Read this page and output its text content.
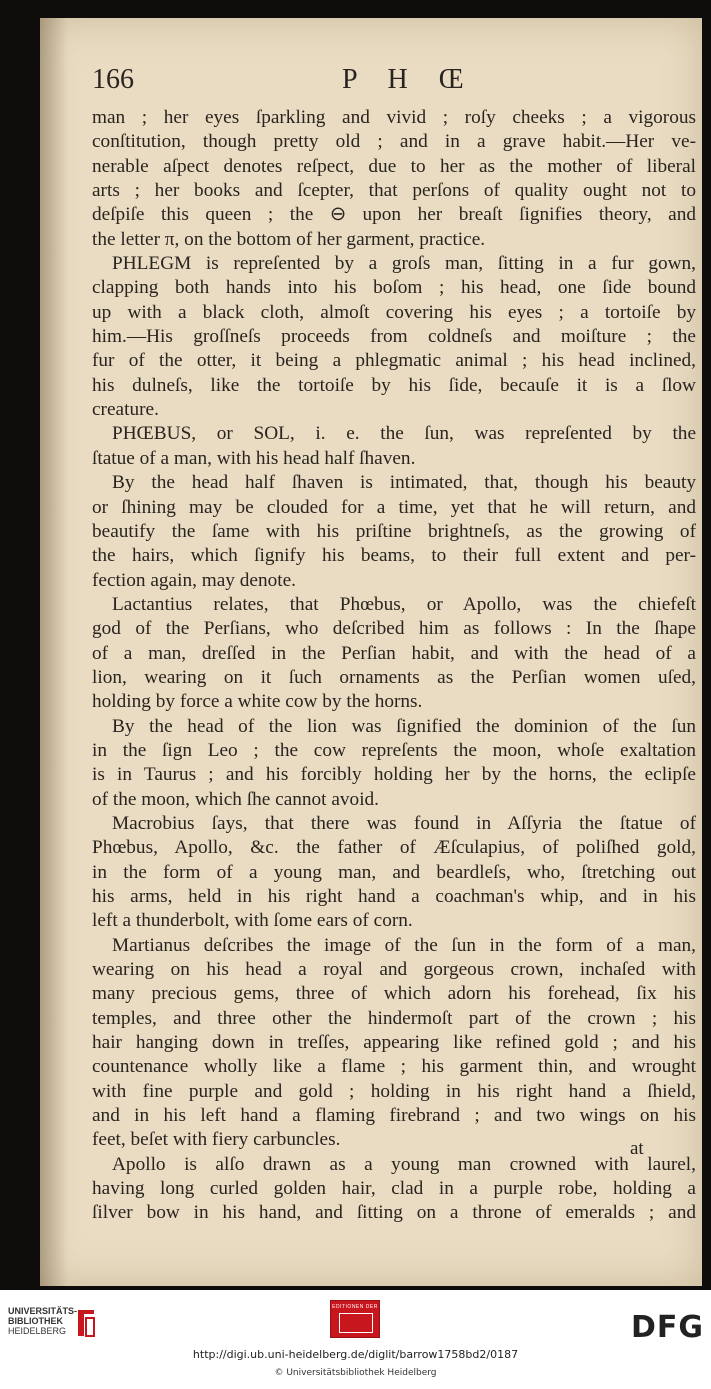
166	P H Œ
man ; her eyes ſparkling and vivid ; roſy cheeks ; a vigorous
conſtitution, though pretty old ; and in a grave habit.—Her ve-
nerable aſpect denotes reſpect, due to her as the mother of liberal
arts ; her books and ſcepter, that perſons of quality ought not to
deſpiſe this queen ; the ⊖ upon her breaſt ſignifies theory, and
the letter π, on the bottom of her garment, practice.
PHLEGM is repreſented by a groſs man, ſitting in a fur gown,
clapping both hands into his boſom ; his head, one ſide bound
up with a black cloth, almoſt covering his eyes ; a tortoiſe by
him.—His groſſneſs proceeds from coldneſs and moiſture ; the
fur of the otter, it being a phlegmatic animal ; his head inclined,
his dulneſs, like the tortoiſe by his ſide, becauſe it is a ſlow
creature.
PHŒBUS, or SOL, i. e. the ſun, was repreſented by the
ſtatue of a man, with his head half ſhaven.
By the head half ſhaven is intimated, that, though his beauty
or ſhining may be clouded for a time, yet that he will return, and
beautify the ſame with his priſtine brightneſs, as the growing of
the hairs, which ſignify his beams, to their full extent and per-
fection again, may denote.
Lactantius relates, that Phœbus, or Apollo, was the chiefeſt
god of the Perſians, who deſcribed him as follows : In the ſhape
of a man, dreſſed in the Perſian habit, and with the head of a
lion, wearing on it ſuch ornaments as the Perſian women uſed,
holding by force a white cow by the horns.
By the head of the lion was ſignified the dominion of the ſun
in the ſign Leo ; the cow repreſents the moon, whoſe exaltation
is in Taurus ; and his forcibly holding her by the horns, the eclipſe
of the moon, which ſhe cannot avoid.
Macrobius ſays, that there was found in Aſſyria the ſtatue of
Phœbus, Apollo, &c. the father of Æſculapius, of poliſhed gold,
in the form of a young man, and beardleſs, who, ſtretching out
his arms, held in his right hand a coachman's whip, and in his
left a thunderbolt, with ſome ears of corn.
Martianus deſcribes the image of the ſun in the form of a man,
wearing on his head a royal and gorgeous crown, inchaſed with
many precious gems, three of which adorn his forehead, ſix his
temples, and three other the hindermoſt part of the crown ; his
hair hanging down in treſſes, appearing like refined gold ; and his
countenance wholly like a flame ; his garment thin, and wrought
with fine purple and gold ; holding in his right hand a ſhield,
and in his left hand a flaming firebrand ; and two wings on his
feet, beſet with fiery carbuncles.
Apollo is alſo drawn as a young man crowned with laurel,
having long curled golden hair, clad in a purple robe, holding a
ſilver bow in his hand, and ſitting on a throne of emeralds ; and
at
UNIVERSITÄTS-
BIBLIOTHEK
HEIDELBERG
EDITIONEN DER
DFG
http://digi.ub.uni-heidelberg.de/diglit/barrow1758bd2/0187
© Universitätsbibliothek Heidelberg
